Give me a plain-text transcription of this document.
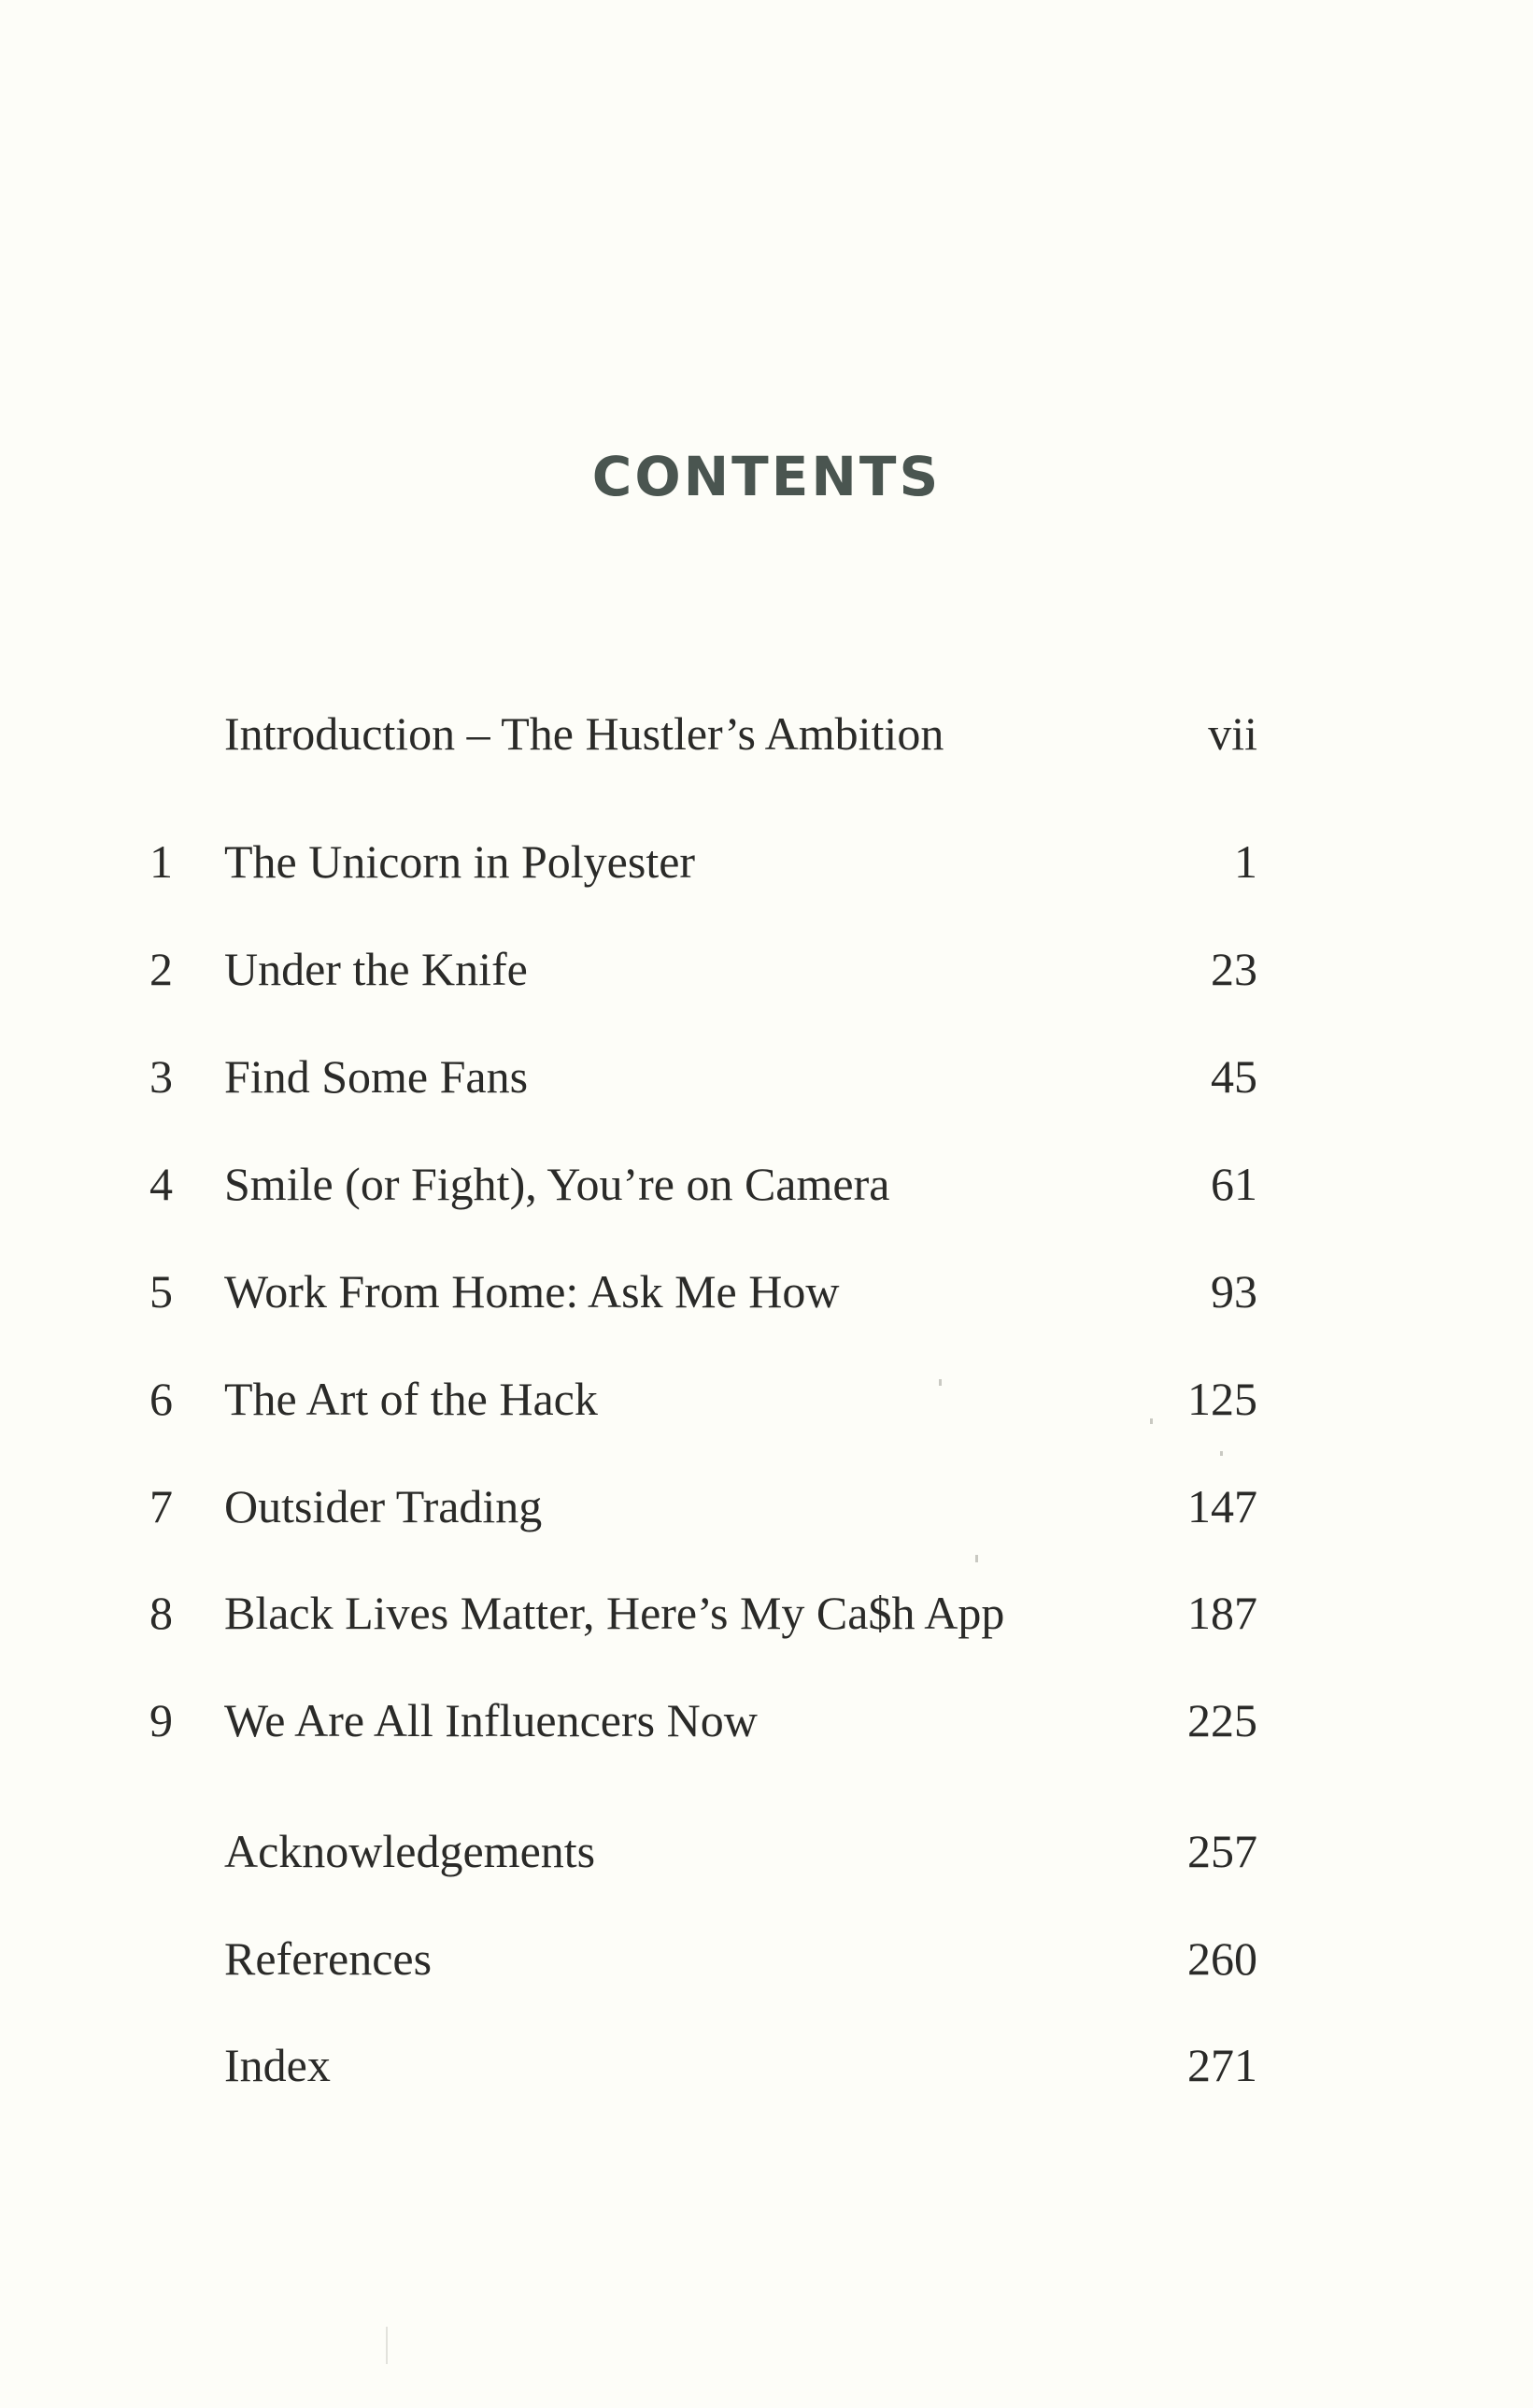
CONTENTS
Introduction – The Hustler’s Ambition	vii
1	The Unicorn in Polyester	1
2	Under the Knife	23
3	Find Some Fans	45
4	Smile (or Fight), You’re on Camera	61
5	Work From Home: Ask Me How	93
6	The Art of the Hack	125
7	Outsider Trading	147
8	Black Lives Matter, Here’s My Ca$h App	187
9	We Are All Influencers Now	225
Acknowledgements	257
References	260
Index	271
